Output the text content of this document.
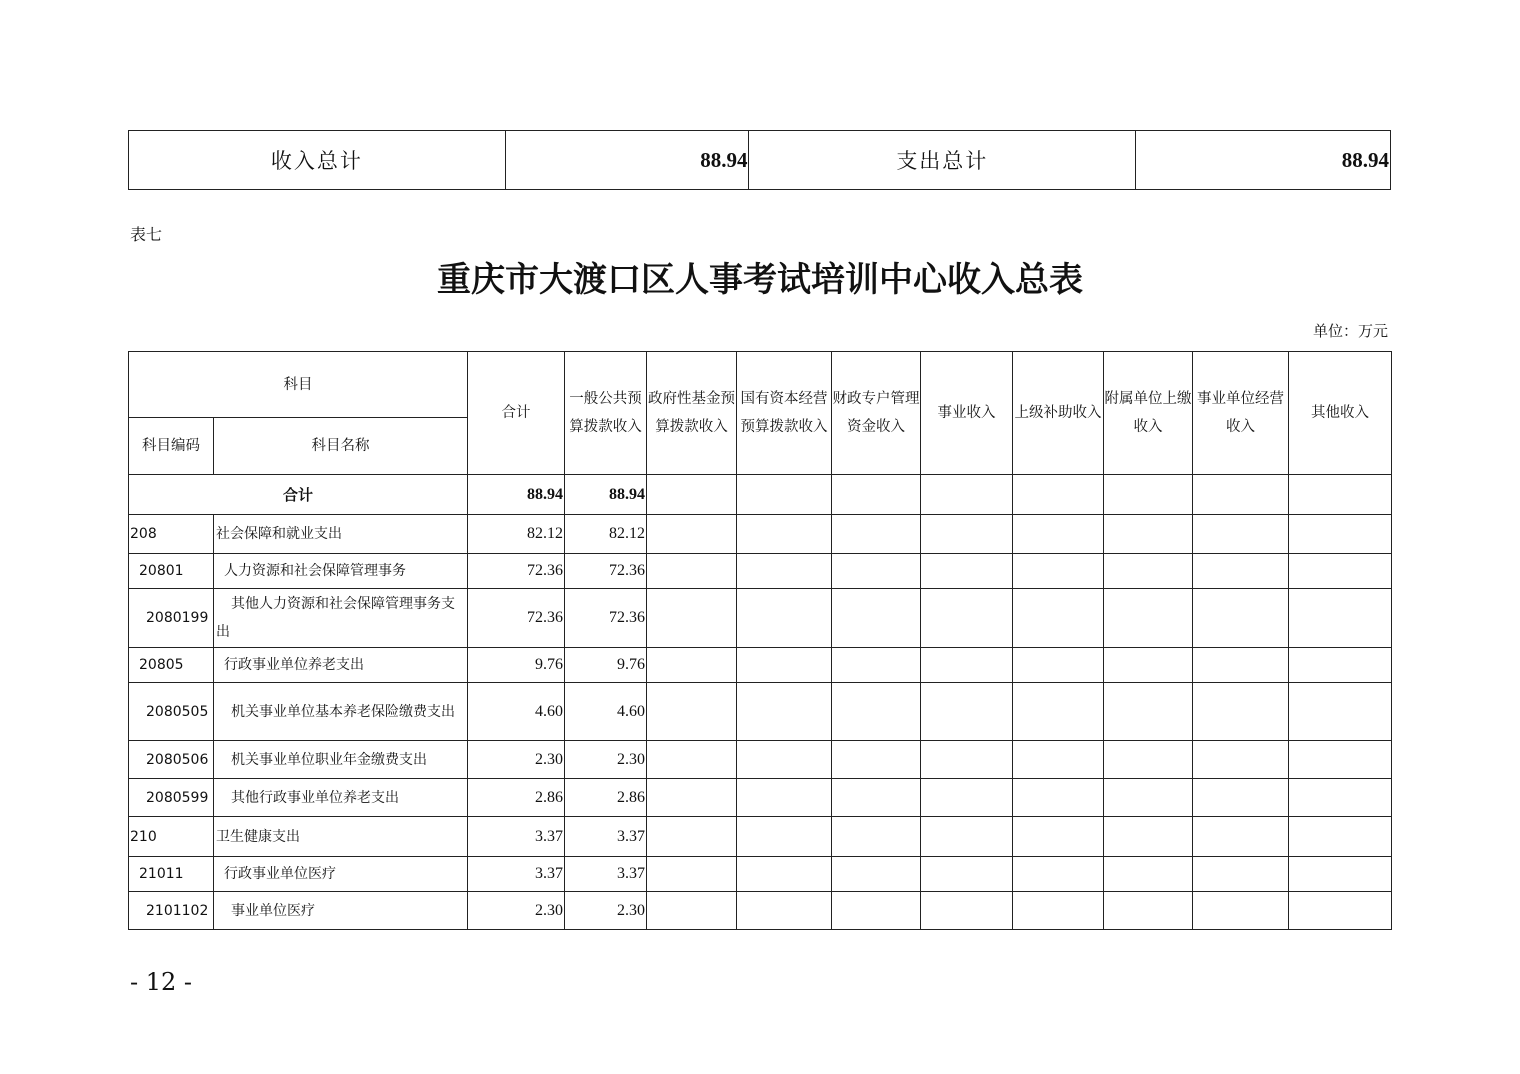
收入总计	88.94	支出总计	88.94
表七
重庆市大渡口区人事考试培训中心收入总表
单位：万元
科目		合计	一般公共预算拨款收入	政府性基金预算拨款收入	国有资本经营预算拨款收入	财政专户管理资金收入	事业收入	上级补助收入	附属单位上缴收入	事业单位经营收入	其他收入
科目编码	科目名称										
合计		88.94	88.94								
208	社会保障和就业支出	82.12	82.12								
20801	人力资源和社会保障管理事务	72.36	72.36								
2080199	其他人力资源和社会保障管理事务支出	72.36	72.36								
20805	行政事业单位养老支出	9.76	9.76								
2080505	机关事业单位基本养老保险缴费支出	4.60	4.60								
2080506	机关事业单位职业年金缴费支出	2.30	2.30								
2080599	其他行政事业单位养老支出	2.86	2.86								
210	卫生健康支出	3.37	3.37								
21011	行政事业单位医疗	3.37	3.37								
2101102	事业单位医疗	2.30	2.30								
- 12 -
